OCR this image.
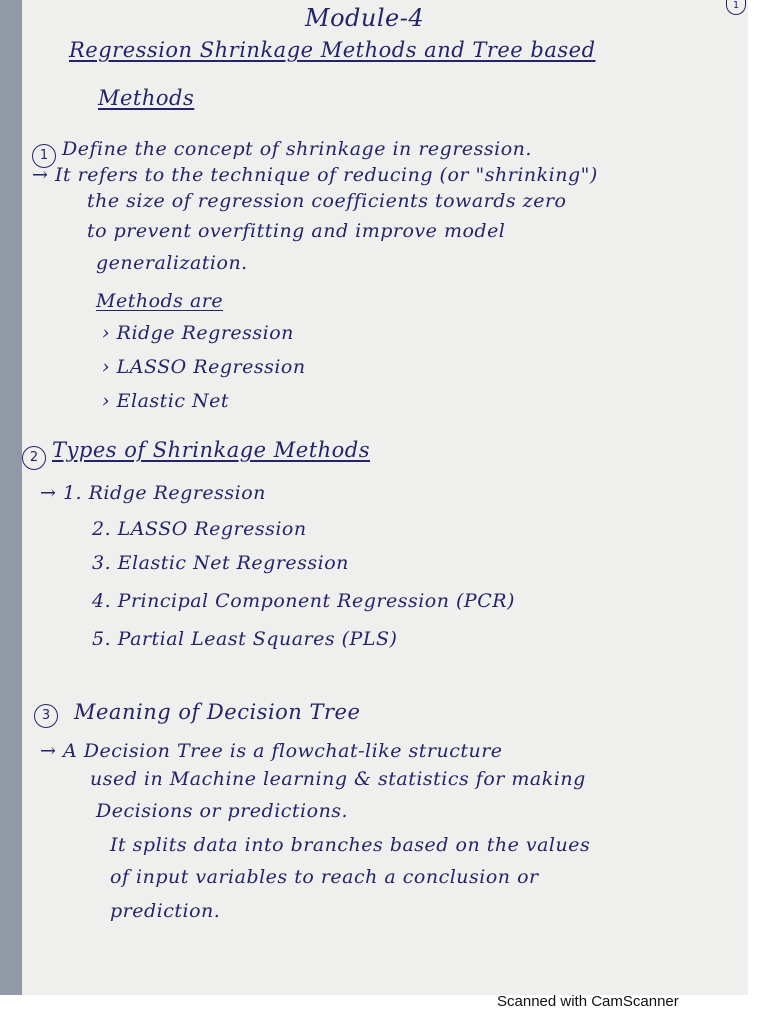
1
Module-4
Regression Shrinkage Methods and Tree based
Methods
1 Define the concept of shrinkage in regression.
→ It refers to the technique of reducing (or "shrinking")
the size of regression coefficients towards zero
to prevent overfitting and improve model
generalization.
Methods are
› Ridge Regression
› LASSO Regression
› Elastic Net
2 Types of Shrinkage Methods
→ 1. Ridge Regression
2. LASSO Regression
3. Elastic Net Regression
4. Principal Component Regression (PCR)
5. Partial Least Squares (PLS)
3	Meaning of Decision Tree
→ A Decision Tree is a flowchat-like structure
used in Machine learning & statistics for making
Decisions or predictions.
It splits data into branches based on the values
of input variables to reach a conclusion or
prediction.
Scanned with CamScanner
